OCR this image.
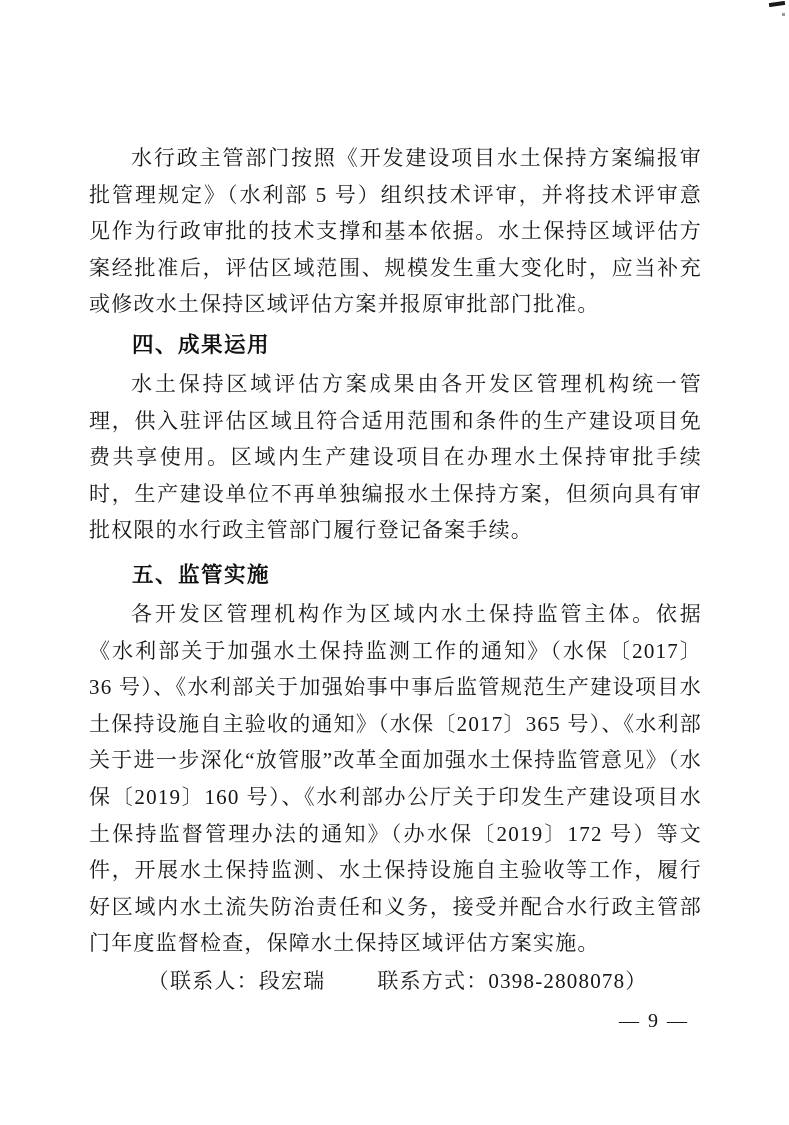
水行政主管部门按照《开发建设项目水土保持方案编报审批管理规定》（水利部 5 号）组织技术评审，并将技术评审意见作为行政审批的技术支撑和基本依据。水土保持区域评估方案经批准后，评估区域范围、规模发生重大变化时，应当补充或修改水土保持区域评估方案并报原审批部门批准。

四、成果运用

水土保持区域评估方案成果由各开发区管理机构统一管理，供入驻评估区域且符合适用范围和条件的生产建设项目免费共享使用。区域内生产建设项目在办理水土保持审批手续时，生产建设单位不再单独编报水土保持方案，但须向具有审批权限的水行政主管部门履行登记备案手续。

五、监管实施

各开发区管理机构作为区域内水土保持监管主体。依据《水利部关于加强水土保持监测工作的通知》（水保〔2017〕36 号）、《水利部关于加强始事中事后监管规范生产建设项目水土保持设施自主验收的通知》（水保〔2017〕365 号）、《水利部关于进一步深化“放管服”改革全面加强水土保持监管意见》（水保〔2019〕160 号）、《水利部办公厅关于印发生产建设项目水土保持监督管理办法的通知》（办水保〔2019〕172 号）等文件，开展水土保持监测、水土保持设施自主验收等工作，履行好区域内水土流失防治责任和义务，接受并配合水行政主管部门年度监督检查，保障水土保持区域评估方案实施。

（联系人：段宏瑞 联系方式：0398-2808078）

— 9 —
